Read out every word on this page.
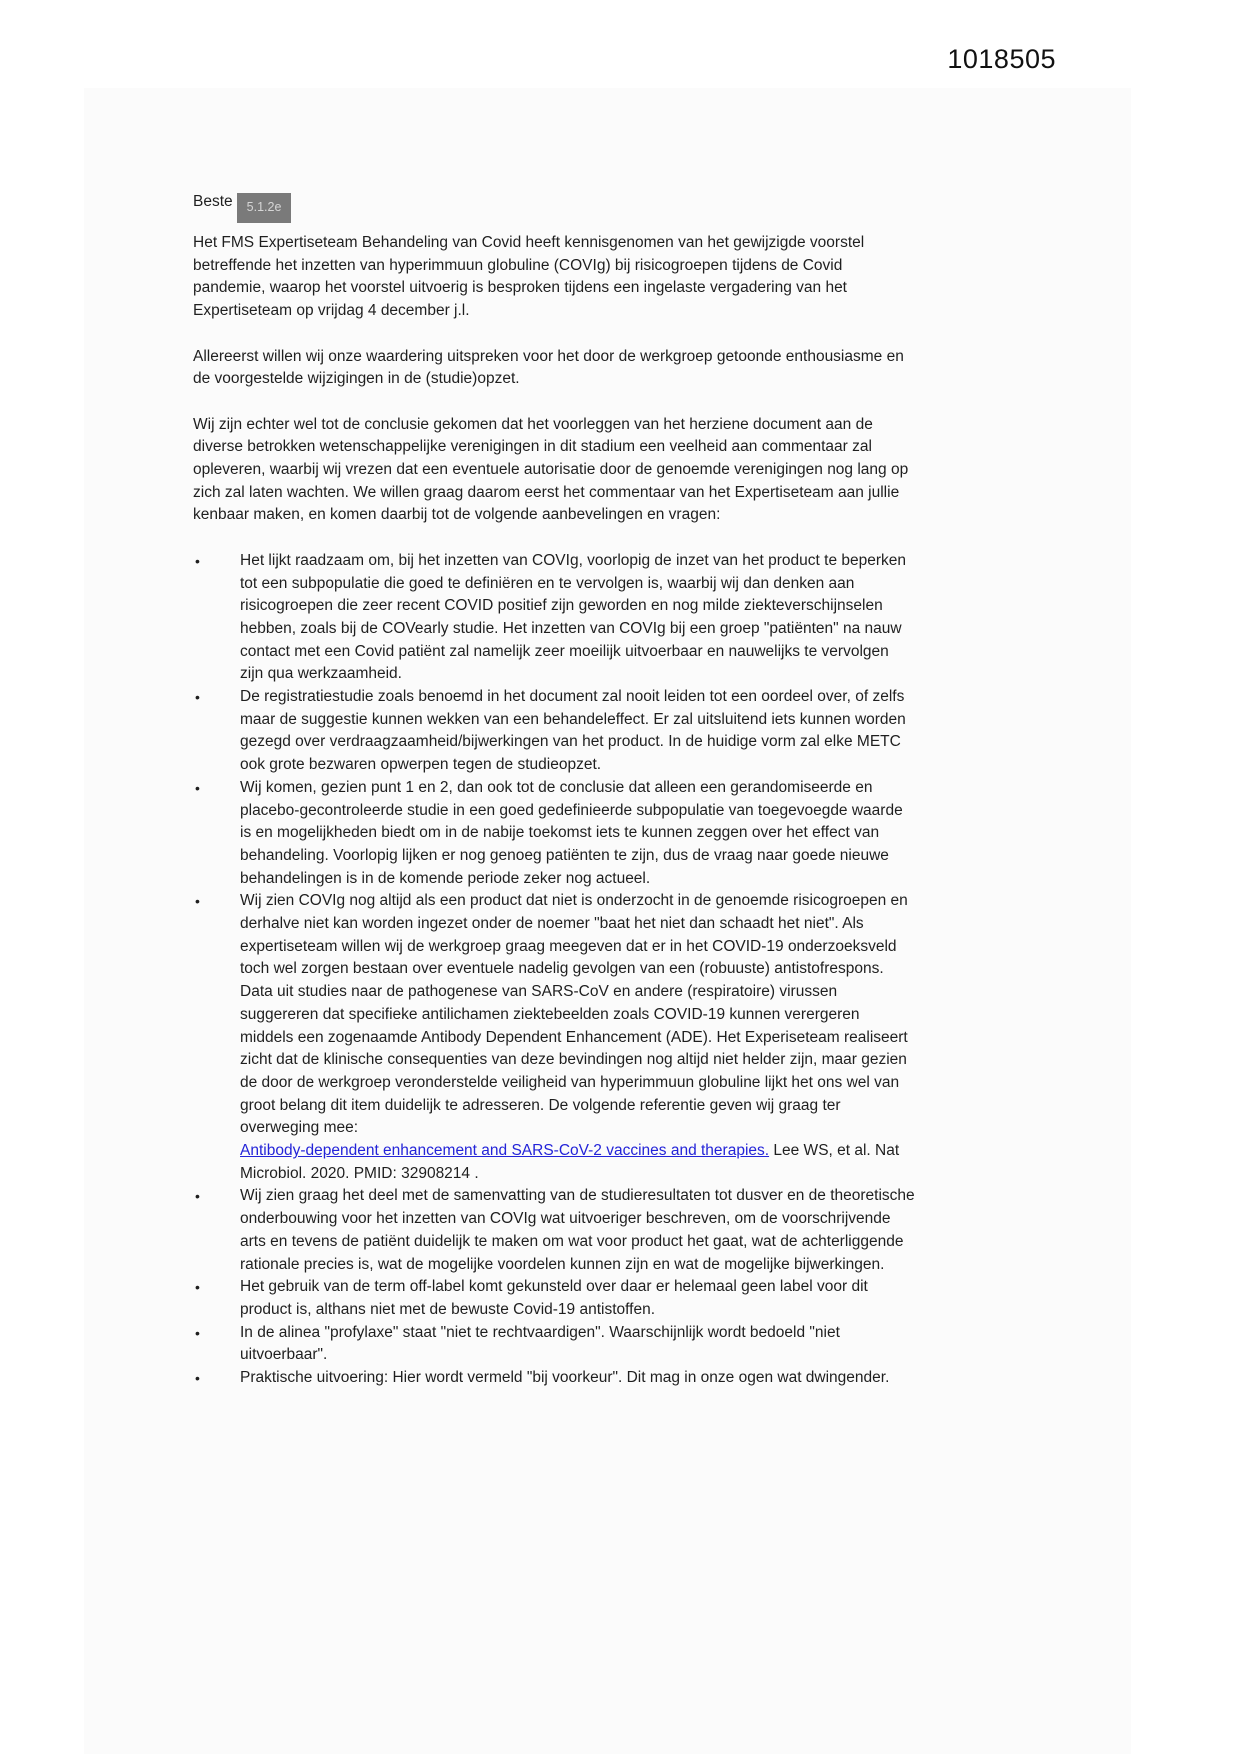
1018505
Beste 5.1.2e

Het FMS Expertiseteam Behandeling van Covid heeft kennisgenomen van het gewijzigde voorstel betreffende het inzetten van hyperimmuun globuline (COVIg) bij risicogroepen tijdens de Covid pandemie, waarop het voorstel uitvoerig is besproken tijdens een ingelaste vergadering van het Expertiseteam op vrijdag 4 december j.l.

Allereerst willen wij onze waardering uitspreken voor het door de werkgroep getoonde enthousiasme en de voorgestelde wijzigingen in de (studie)opzet.

Wij zijn echter wel tot de conclusie gekomen dat het voorleggen van het herziene document aan de diverse betrokken wetenschappelijke verenigingen in dit stadium een veelheid aan commentaar zal opleveren, waarbij wij vrezen dat een eventuele autorisatie door de genoemde verenigingen nog lang op zich zal laten wachten. We willen graag daarom eerst het commentaar van het Expertiseteam aan jullie kenbaar maken, en komen daarbij tot de volgende aanbevelingen en vragen:

•	Het lijkt raadzaam om, bij het inzetten van COVIg, voorlopig de inzet van het product te beperken tot een subpopulatie die goed te definiëren en te vervolgen is, waarbij wij dan denken aan risicogroepen die zeer recent COVID positief zijn geworden en nog milde ziekteverschijnselen hebben, zoals bij de COVearly studie. Het inzetten van COVIg bij een groep "patiënten" na nauw contact met een Covid patiënt zal namelijk zeer moeilijk uitvoerbaar en nauwelijks te vervolgen zijn qua werkzaamheid.
•	De registratiestudie zoals benoemd in het document zal nooit leiden tot een oordeel over, of zelfs maar de suggestie kunnen wekken van een behandeleffect. Er zal uitsluitend iets kunnen worden gezegd over verdraagzaamheid/bijwerkingen van het product. In de huidige vorm zal elke METC ook grote bezwaren opwerpen tegen de studieopzet.
•	Wij komen, gezien punt 1 en 2, dan ook tot de conclusie dat alleen een gerandomiseerde en placebo-gecontroleerde studie in een goed gedefinieerde subpopulatie van toegevoegde waarde is en mogelijkheden biedt om in de nabije toekomst iets te kunnen zeggen over het effect van behandeling. Voorlopig lijken er nog genoeg patiënten te zijn, dus de vraag naar goede nieuwe behandelingen is in de komende periode zeker nog actueel.
•	Wij zien COVIg nog altijd als een product dat niet is onderzocht in de genoemde risicogroepen en derhalve niet kan worden ingezet onder de noemer "baat het niet dan schaadt het niet". Als expertiseteam willen wij de werkgroep graag meegeven dat er in het COVID-19 onderzoeksveld toch wel zorgen bestaan over eventuele nadelig gevolgen van een (robuuste) antistofrespons. Data uit studies naar de pathogenese van SARS-CoV en andere (respiratoire) virussen suggereren dat specifieke antilichamen ziektebeelden zoals COVID-19 kunnen verergeren middels een zogenaamde Antibody Dependent Enhancement (ADE). Het Experiseteam realiseert zicht dat de klinische consequenties van deze bevindingen nog altijd niet helder zijn, maar gezien de door de werkgroep veronderstelde veiligheid van hyperimmuun globuline lijkt het ons wel van groot belang dit item duidelijk te adresseren. De volgende referentie geven wij graag ter overweging mee:
Antibody-dependent enhancement and SARS-CoV-2 vaccines and therapies. Lee WS, et al. Nat Microbiol. 2020. PMID: 32908214 .
•	Wij zien graag het deel met de samenvatting van de studieresultaten tot dusver en de theoretische onderbouwing voor het inzetten van COVIg wat uitvoeriger beschreven, om de voorschrijvende arts en tevens de patiënt duidelijk te maken om wat voor product het gaat, wat de achterliggende rationale precies is, wat de mogelijke voordelen kunnen zijn en wat de mogelijke bijwerkingen.
•	Het gebruik van de term off-label komt gekunsteld over daar er helemaal geen label voor dit product is, althans niet met de bewuste Covid-19 antistoffen.
•	In de alinea "profylaxe" staat "niet te rechtvaardigen". Waarschijnlijk wordt bedoeld "niet uitvoerbaar".
•	Praktische uitvoering: Hier wordt vermeld "bij voorkeur". Dit mag in onze ogen wat dwingender.
